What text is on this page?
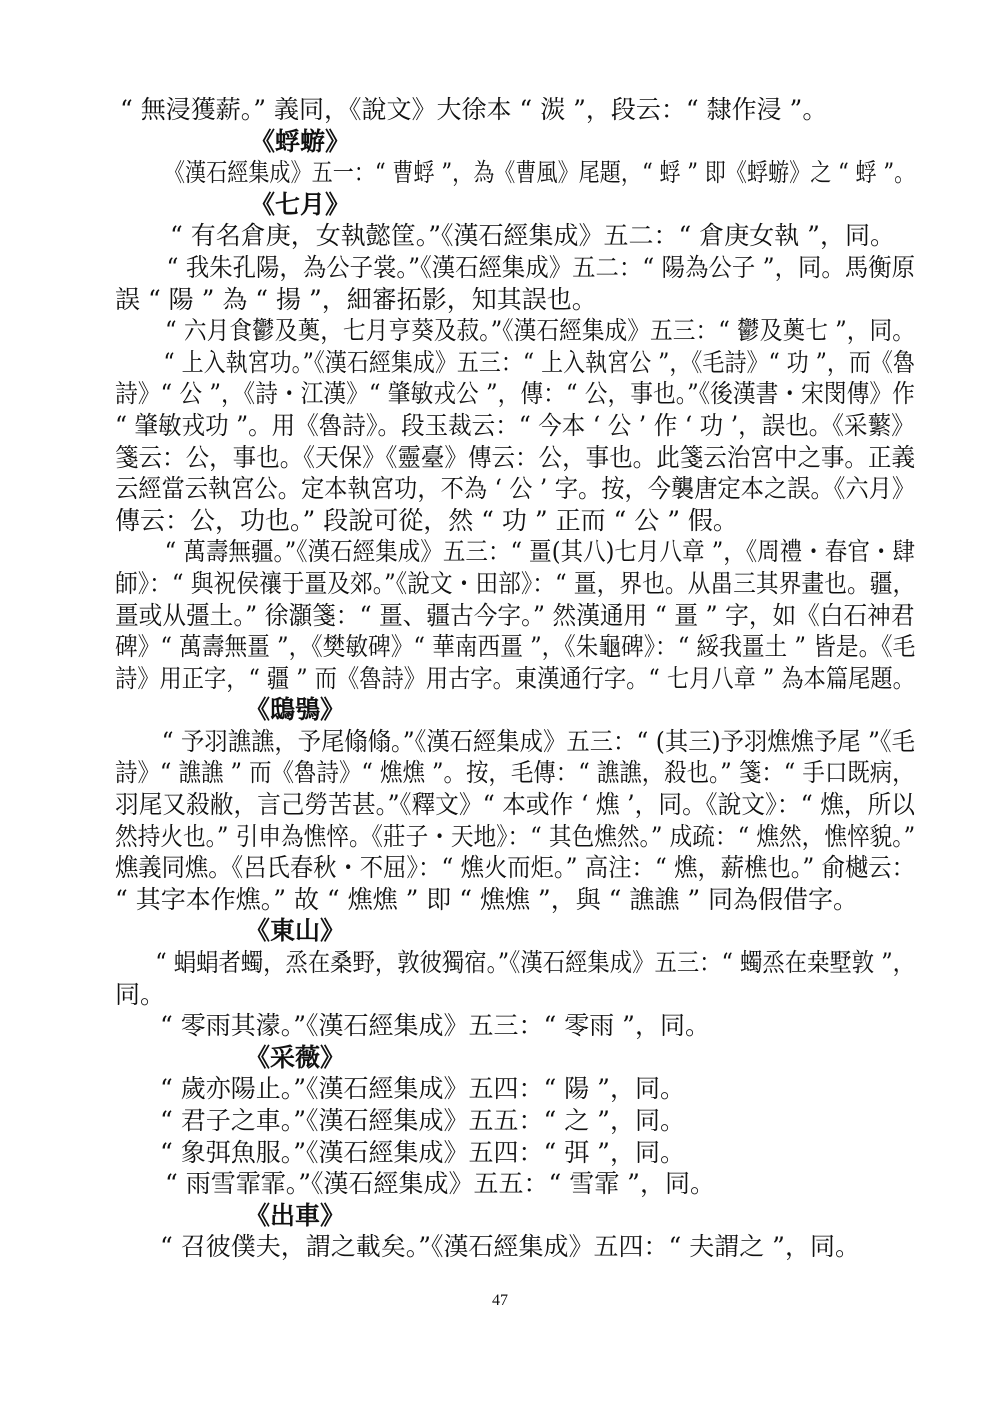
“ 無浸獲薪。” 義同，《說文》大徐本 “ 湠 ”，段云：“ 隸作浸 ”。
《蜉蝣》
《漢石經集成》五一：“ 曹蜉 ”，為《曹風》尾題，“ 蜉 ” 即《蜉蝣》之 “ 蜉 ”。
《七月》
“ 有名倉庚，女執懿筐。”《漢石經集成》五二：“ 倉庚女執 ”，同。
“ 我朱孔陽，為公子裳。”《漢石經集成》五二：“ 陽為公子 ”，同。馬衡原
誤 “ 陽 ” 為 “ 揚 ”，細審拓影，知其誤也。
“ 六月食鬱及薁，七月亨葵及菽。”《漢石經集成》五三：“ 鬱及薁七 ”，同。
“ 上入執宮功。”《漢石經集成》五三：“ 上入執宮公 ”，《毛詩》“ 功 ”，而《魯
詩》“ 公 ”，《詩・江漢》“ 肇敏戎公 ”，傳：“ 公，事也。”《後漢書・宋閔傳》作
“ 肇敏戎功 ”。用《魯詩》。段玉裁云：“ 今本 ‘ 公 ’ 作 ‘ 功 ’，誤也。《采蘩》
箋云：公，事也。《天保》《靈臺》傳云：公，事也。此箋云治宮中之事。正義
云經當云執宮公。定本執宮功，不為 ‘ 公 ’ 字。按，今襲唐定本之誤。《六月》
傳云：公，功也。” 段說可從，然 “ 功 ” 正而 “ 公 ” 假。
“ 萬壽無疆。”《漢石經集成》五三：“ 畺(其八)七月八章 ”，《周禮・春官・肆
師》：“ 與祝侯禳于畺及郊。”《說文・田部》：“ 畺，界也。从畕三其界畫也。疆，
畺或从彊土。” 徐灝箋：“ 畺、疆古今字。” 然漢通用 “ 畺 ” 字，如《白石神君
碑》“ 萬壽無畺 ”，《樊敏碑》“ 華南西畺 ”，《朱龜碑》：“ 綏我畺土 ” 皆是。《毛
詩》用正字，“ 疆 ” 而《魯詩》用古字。東漢通行字。“ 七月八章 ” 為本篇尾題。
《鴟鴞》
“ 予羽譙譙，予尾翛翛。”《漢石經集成》五三：“ (其三)予羽燋燋予尾 ”《毛
詩》“ 譙譙 ” 而《魯詩》“ 燋燋 ”。按，毛傳：“ 譙譙，殺也。” 箋：“ 手口既病，
羽尾又殺敝，言己勞苦甚。”《釋文》“ 本或作 ‘ 燋 ’，同。《說文》：“ 燋，所以
然持火也。” 引申為憔悴。《莊子・天地》：“ 其色燋然。” 成疏：“ 燋然，憔悴貌。”
燋義同燋。《呂氏春秋・不屈》：“ 燋火而炬。” 高注：“ 燋，薪樵也。” 俞樾云：
“ 其字本作燋。” 故 “ 燋燋 ” 即 “ 燋燋 ”，與 “ 譙譙 ” 同為假借字。
《東山》
“ 蜎蜎者蠋，烝在桑野，敦彼獨宿。”《漢石經集成》五三：“ 蠋烝在桒墅敦 ”，
同。
“ 零雨其濛。”《漢石經集成》五三：“ 零雨 ”，同。
《采薇》
“ 歲亦陽止。”《漢石經集成》五四：“ 陽 ”，同。
“ 君子之車。”《漢石經集成》五五：“ 之 ”，同。
“ 象弭魚服。”《漢石經集成》五四：“ 弭 ”，同。
“ 雨雪霏霏。”《漢石經集成》五五：“ 雪霏 ”，同。
《出車》
“ 召彼僕夫，謂之載矣。”《漢石經集成》五四：“ 夫謂之 ”，同。
47
